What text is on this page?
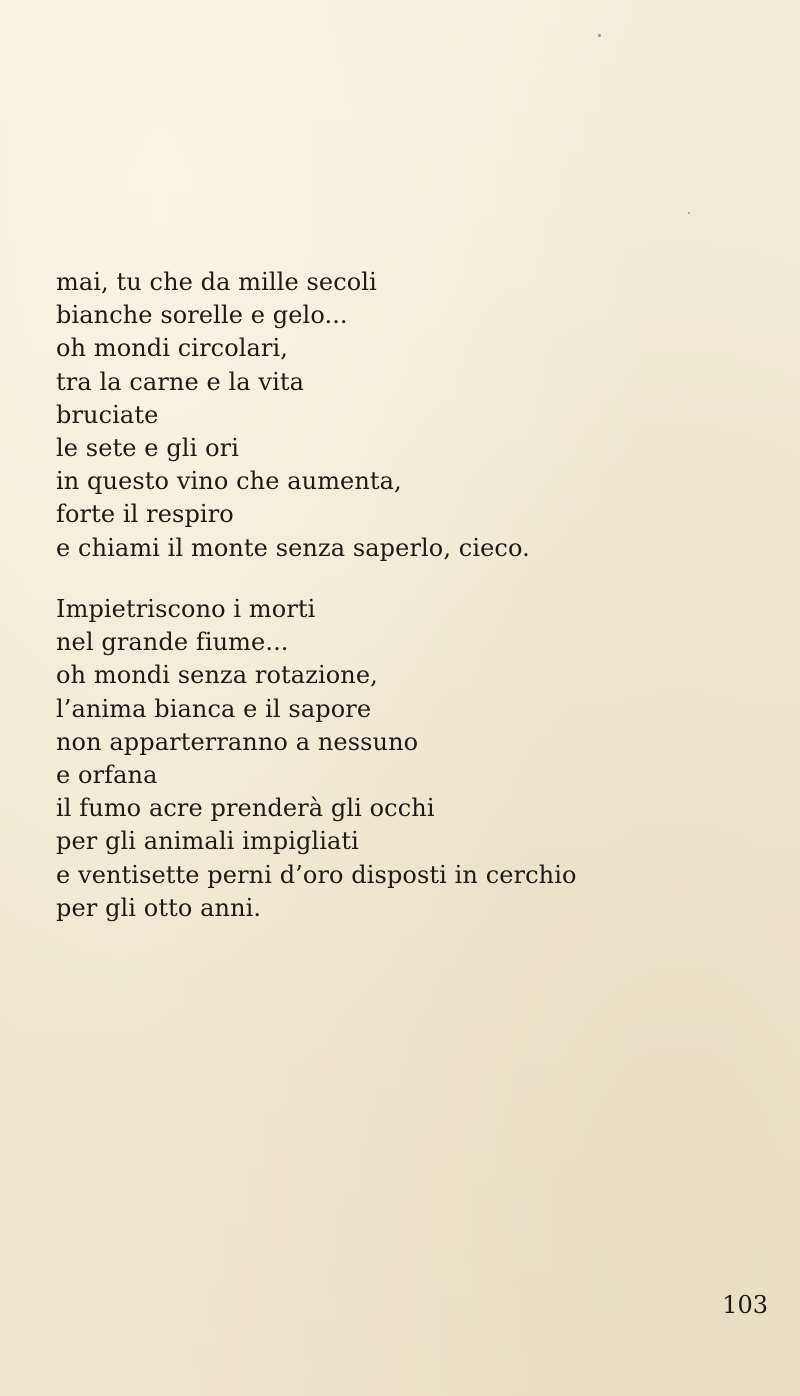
mai, tu che da mille secoli
bianche sorelle e gelo...
oh mondi circolari,
tra la carne e la vita
bruciate
le sete e gli ori
in questo vino che aumenta,
forte il respiro
e chiami il monte senza saperlo, cieco.
Impietriscono i morti
nel grande fiume...
oh mondi senza rotazione,
l’anima bianca e il sapore
non apparterranno a nessuno
e orfana
il fumo acre prenderà gli occhi
per gli animali impigliati
e ventisette perni d’oro disposti in cerchio
per gli otto anni.
103
